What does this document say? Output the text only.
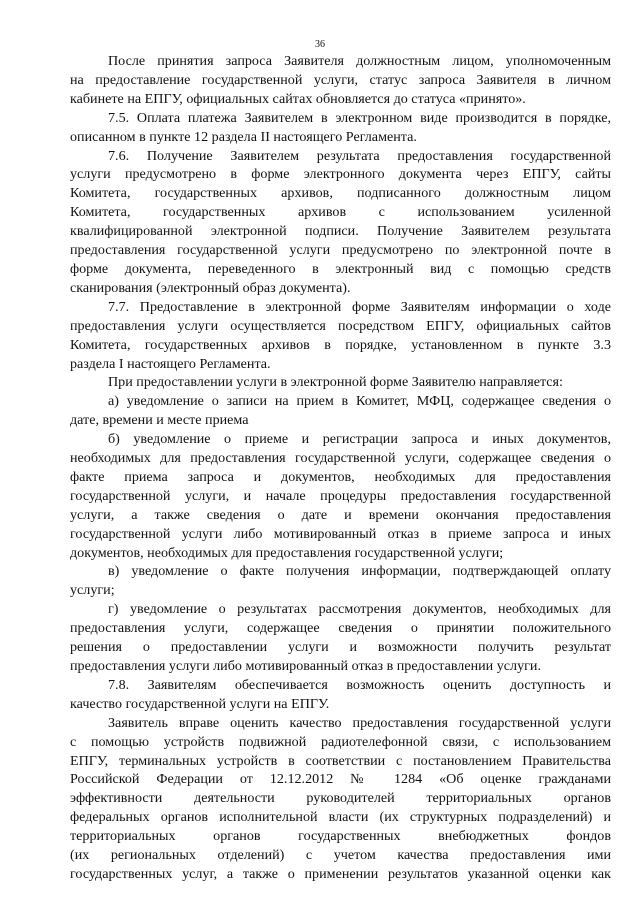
36

После принятия запроса Заявителя должностным лицом, уполномоченным

на предоставление государственной услуги, статус запроса Заявителя в личном

кабинете на ЕПГУ, официальных сайтах обновляется до статуса «принято».

7.5. Оплата платежа Заявителем в электронном виде производится в порядке,

описанном в пункте 12 раздела II настоящего Регламента.

7.6. Получение Заявителем результата предоставления государственной

услуги предусмотрено в форме электронного документа через ЕПГУ, сайты

Комитета, государственных архивов, подписанного должностным лицом

Комитета, государственных архивов с использованием усиленной

квалифицированной электронной подписи. Получение Заявителем результата

предоставления государственной услуги предусмотрено по электронной почте в

форме документа, переведенного в электронный вид с помощью средств

сканирования (электронный образ документа).

7.7. Предоставление в электронной форме Заявителям информации о ходе

предоставления услуги осуществляется посредством ЕПГУ, официальных сайтов

Комитета, государственных архивов в порядке, установленном в пункте 3.3

раздела I настоящего Регламента.

При предоставлении услуги в электронной форме Заявителю направляется:

а) уведомление о записи на прием в Комитет, МФЦ, содержащее сведения о

дате, времени и месте приема

б) уведомление о приеме и регистрации запроса и иных документов,

необходимых для предоставления государственной услуги, содержащее сведения о

факте приема запроса и документов, необходимых для предоставления

государственной услуги, и начале процедуры предоставления государственной

услуги, а также сведения о дате и времени окончания предоставления

государственной услуги либо мотивированный отказ в приеме запроса и иных

документов, необходимых для предоставления государственной услуги;

в) уведомление о факте получения информации, подтверждающей оплату

услуги;

г) уведомление о результатах рассмотрения документов, необходимых для

предоставления услуги, содержащее сведения о принятии положительного

решения о предоставлении услуги и возможности получить результат

предоставления услуги либо мотивированный отказ в предоставлении услуги.

7.8. Заявителям обеспечивается возможность оценить доступность и

качество государственной услуги на ЕПГУ.

Заявитель вправе оценить качество предоставления государственной услуги

с помощью устройств подвижной радиотелефонной связи, с использованием

ЕПГУ, терминальных устройств в соответствии с постановлением Правительства

Российской Федерации от 12.12.2012 № 1284 «Об оценке гражданами

эффективности деятельности руководителей территориальных органов

федеральных органов исполнительной власти (их структурных подразделений) и

территориальных органов государственных внебюджетных фондов

(их региональных отделений) с учетом качества предоставления ими

государственных услуг, а также о применении результатов указанной оценки как
